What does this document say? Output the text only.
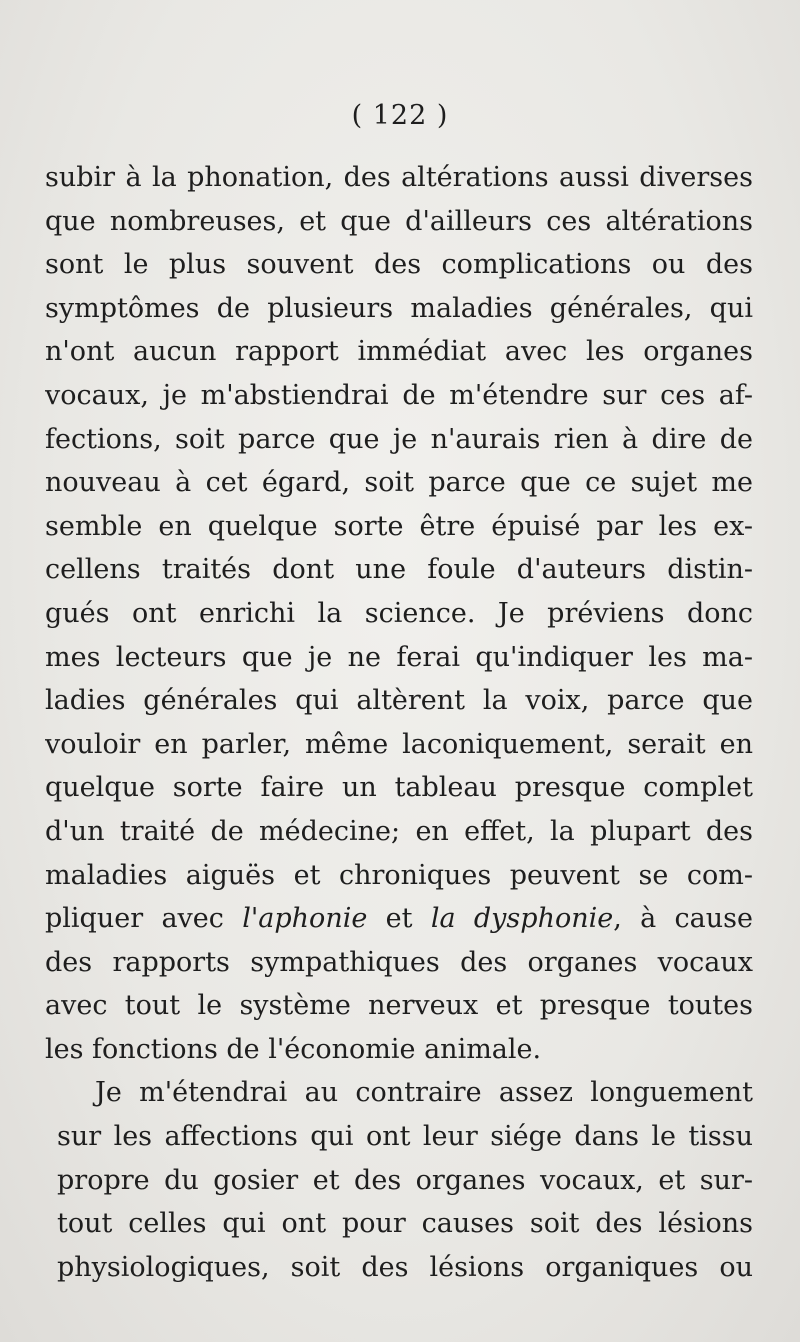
( 122 )
subir à la phonation, des altérations aussi diverses
que nombreuses, et que d'ailleurs ces altérations
sont le plus souvent des complications ou des
symptômes de plusieurs maladies générales, qui
n'ont aucun rapport immédiat avec les organes
vocaux, je m'abstiendrai de m'étendre sur ces af-
fections, soit parce que je n'aurais rien à dire de
nouveau à cet égard, soit parce que ce sujet me
semble en quelque sorte être épuisé par les ex-
cellens traités dont une foule d'auteurs distin-
gués ont enrichi la science. Je préviens donc
mes lecteurs que je ne ferai qu'indiquer les ma-
ladies générales qui altèrent la voix, parce que
vouloir en parler, même laconiquement, serait en
quelque sorte faire un tableau presque complet
d'un traité de médecine; en effet, la plupart des
maladies aiguës et chroniques peuvent se com-
pliquer avec l'aphonie et la dysphonie, à cause
des rapports sympathiques des organes vocaux
avec tout le système nerveux et presque toutes
les fonctions de l'économie animale.
Je m'étendrai au contraire assez longuement
sur les affections qui ont leur siége dans le tissu
propre du gosier et des organes vocaux, et sur-
tout celles qui ont pour causes soit des lésions
physiologiques, soit des lésions organiques ou
